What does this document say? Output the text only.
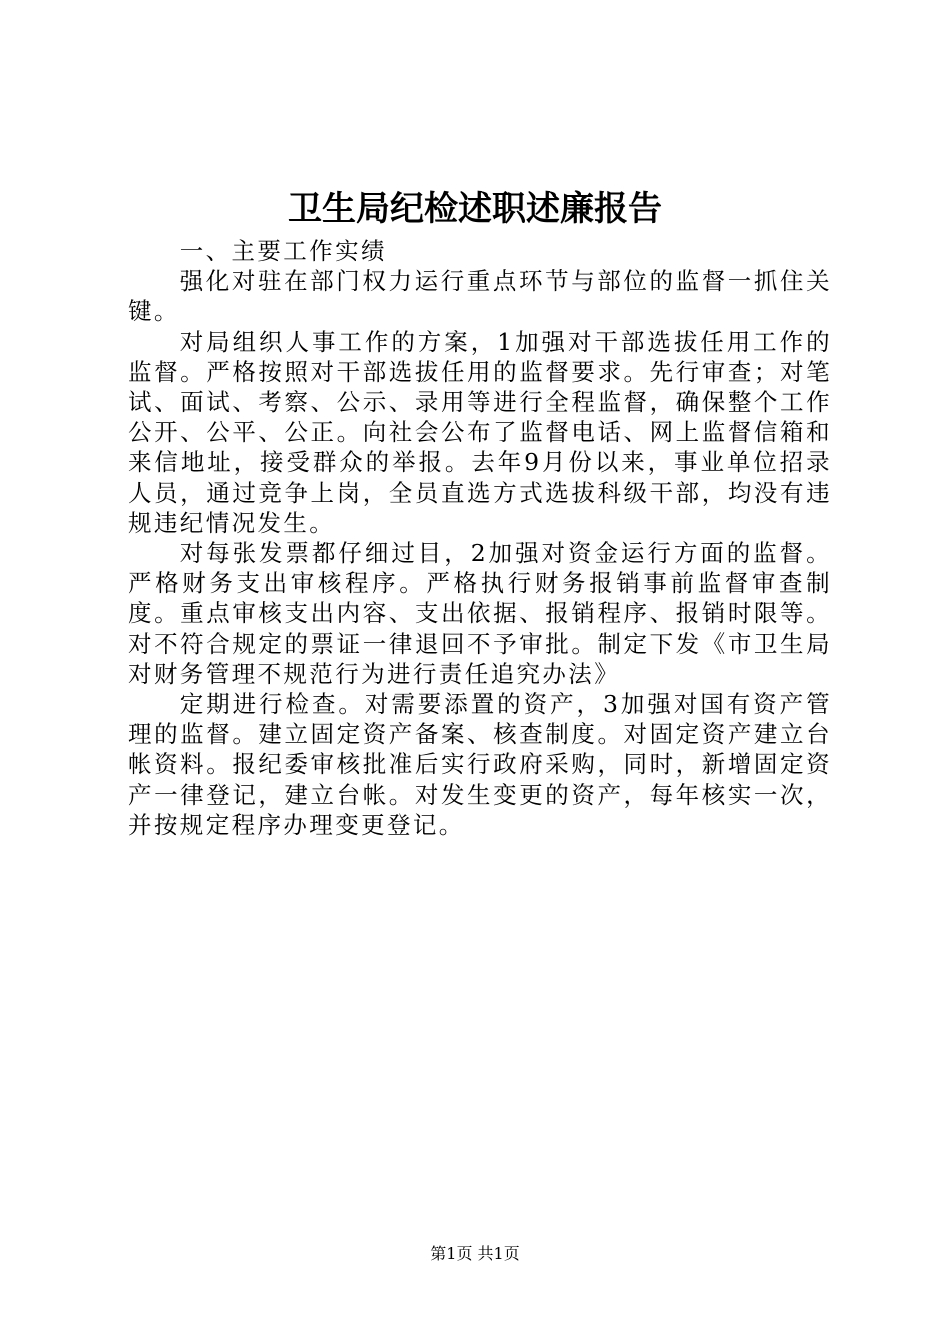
卫生局纪检述职述廉报告

一、主要工作实绩

强化对驻在部门权力运行重点环节与部位的监督一抓住关键。

对局组织人事工作的方案，1加强对干部选拔任用工作的监督。严格按照对干部选拔任用的监督要求。先行审查；对笔试、面试、考察、公示、录用等进行全程监督，确保整个工作公开、公平、公正。向社会公布了监督电话、网上监督信箱和来信地址，接受群众的举报。去年9月份以来，事业单位招录人员，通过竞争上岗，全员直选方式选拔科级干部，均没有违规违纪情况发生。

对每张发票都仔细过目，2加强对资金运行方面的监督。严格财务支出审核程序。严格执行财务报销事前监督审查制度。重点审核支出内容、支出依据、报销程序、报销时限等。对不符合规定的票证一律退回不予审批。制定下发《市卫生局对财务管理不规范行为进行责任追究办法》

定期进行检查。对需要添置的资产，3加强对国有资产管理的监督。建立固定资产备案、核查制度。对固定资产建立台帐资料。报纪委审核批准后实行政府采购，同时，新增固定资产一律登记，建立台帐。对发生变更的资产，每年核实一次，并按规定程序办理变更登记。

第1页 共1页
